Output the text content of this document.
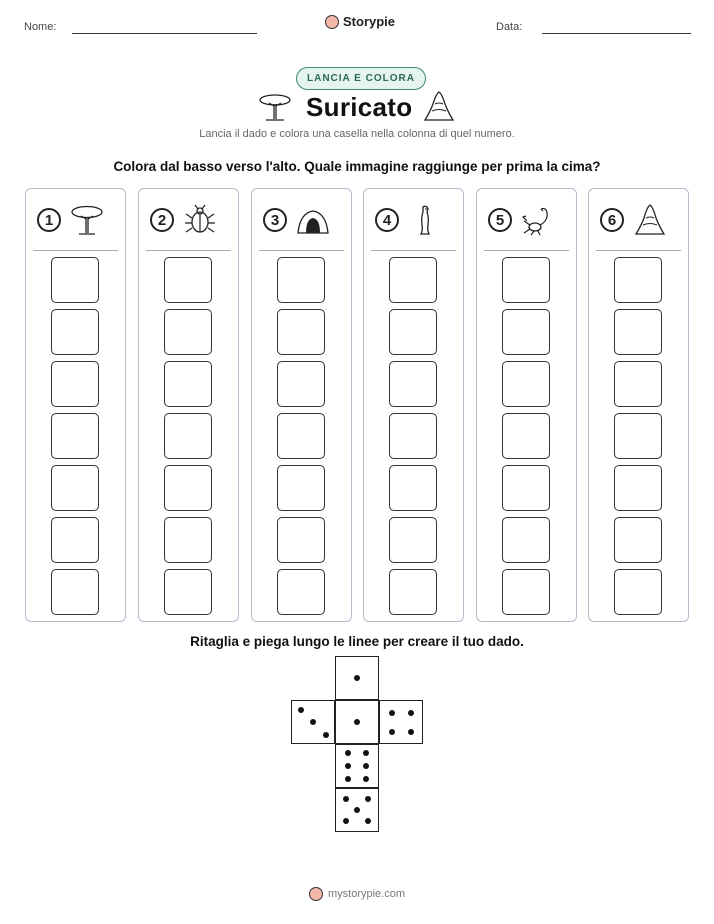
Nome:	Storypie	Data:
LANCIA E COLORA
Suricato
Lancia il dado e colora una casella nella colonna di quel numero.
Colora dal basso verso l'alto. Quale immagine raggiunge per prima la cima?
1	2	3	4	5	6
Ritaglia e piega lungo le linee per creare il tuo dado.
mystorypie.com
